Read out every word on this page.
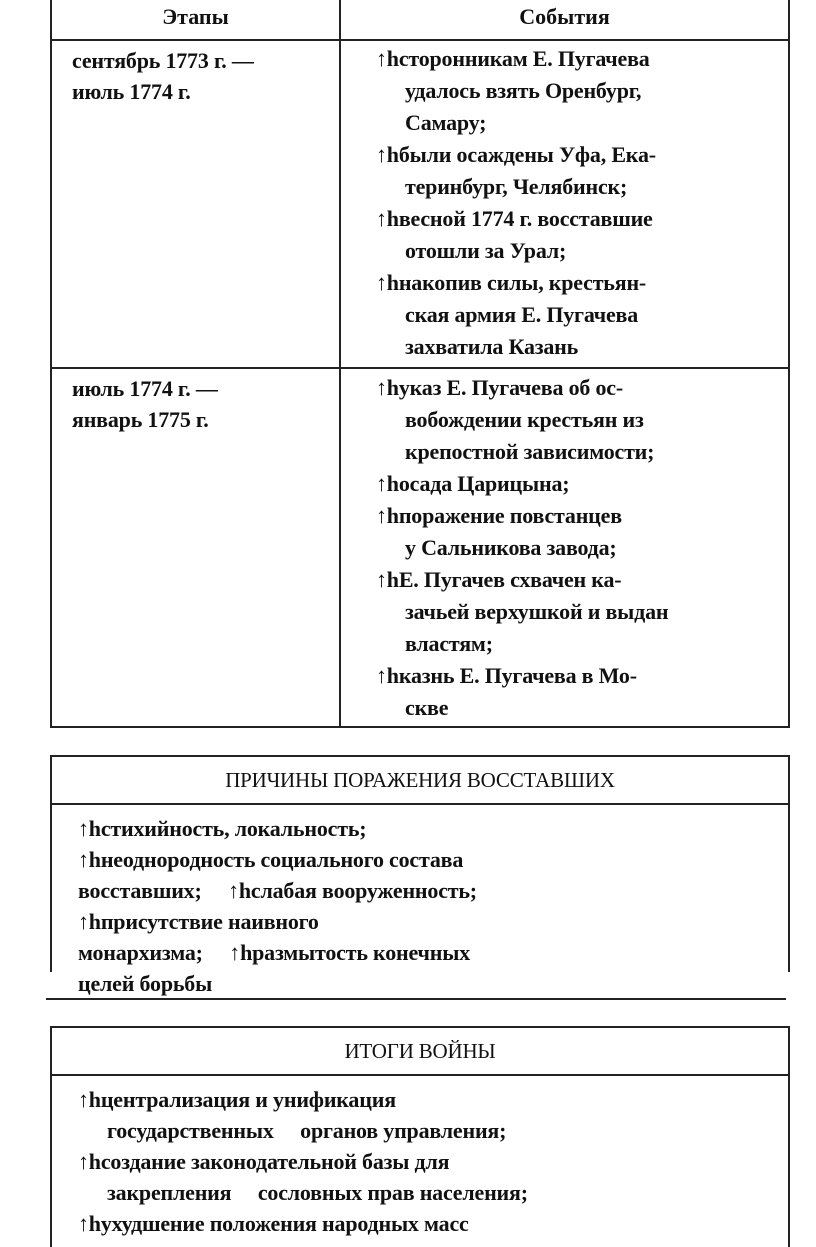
Этапы	События
сентябрь 1773 г. —
июль 1774 г.
↑hсторонникам Е. Пугачева
удалось взять Оренбург,
Самару;
↑hбыли осаждены Уфа, Ека-
теринбург, Челябинск;
↑hвесной 1774 г. восставшие
отошли за Урал;
↑hнакопив силы, крестьян-
ская армия Е. Пугачева
захватила Казань
июль 1774 г. —
январь 1775 г.
↑hуказ Е. Пугачева об ос-
вобождении крестьян из
крепостной зависимости;
↑hосада Царицына;
↑hпоражение повстанцев
у Сальникова завода;
↑hЕ. Пугачев схвачен ка-
зачьей верхушкой и выдан
властям;
↑hказнь Е. Пугачева в Мо-
скве
ПРИЧИНЫ ПОРАЖЕНИЯ ВОССТАВШИХ
↑hстихийность, локальность;
↑hнеоднородность социального состава
восставших;     ↑hслабая вооруженность;
↑hприсутствие наивного
монархизма;     ↑hразмытость конечных
целей борьбы
ИТОГИ ВОЙНЫ
↑hцентрализация и унификация
государственных     органов управления;
↑hсоздание законодательной базы для
закрепления     сословных прав населения;
↑hухудшение положения народных масс
